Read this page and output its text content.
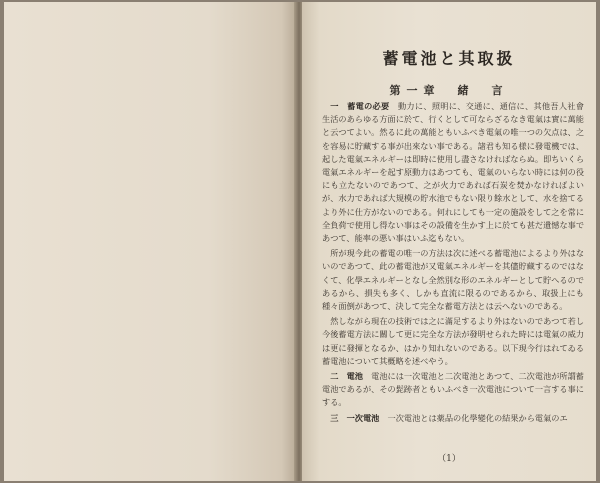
蓄電池と其取扱
第一章　緒　言

一　蓄電の必要　動力に、照明に、交通に、通信に、其他吾人社會生活のあらゆる方面に於て、行くとして可ならざるなき電氣は實に萬能と云つてよい。然るに此の萬能ともいふべき電氣の唯一つの欠点は、之を容易に貯藏する事が出來ない事である。諸君も知る様に發電機では、起した電氣エネルギーは即時に使用し盡さなければならぬ。即ちいくら電氣エネルギーを起す原動力はあつても、電氣のいらない時には何の役にも立たないのであつて、之が火力であれば石炭を焚かなければよいが、水力であれば大規模の貯水池でもない限り餘水として、水を捨てるより外に仕方がないのである。何れにしても一定の施設をして之を常に全負荷で使用し得ない事はその設備を生かす上に於ても甚だ遺憾な事であつて、能率の悪い事はいふ迄もない。

所が現今此の蓄電の唯一の方法は次に述べる蓄電池によるより外はないのであつて、此の蓄電池が又電氣エネルギーを其儘貯藏するのではなくて、化學エネルギーとなし全然別な形のエネルギーとして貯へるのであるから、損失も多く、しかも直流に限るのであるから、取扱上にも種々面倒があつて、決して完全な蓄電方法とは云へないのである。

然しながら現在の技術では之に滿足するより外はないのであつて若し今後蓄電方法に關して更に完全な方法が發明せられた時には電氣の威力は更に發揮となるか、はかり知れないのである。以下現今行はれてゐる蓄電池について其概略を述べやう。

二　電池　電池には一次電池と二次電池とあつて、二次電池が所謂蓄電池であるが、その髭跡者ともいふべき一次電池について一言する事にする。

三　一次電池　一次電池とは薬品の化學變化の結果から電氣のエ

（1）
